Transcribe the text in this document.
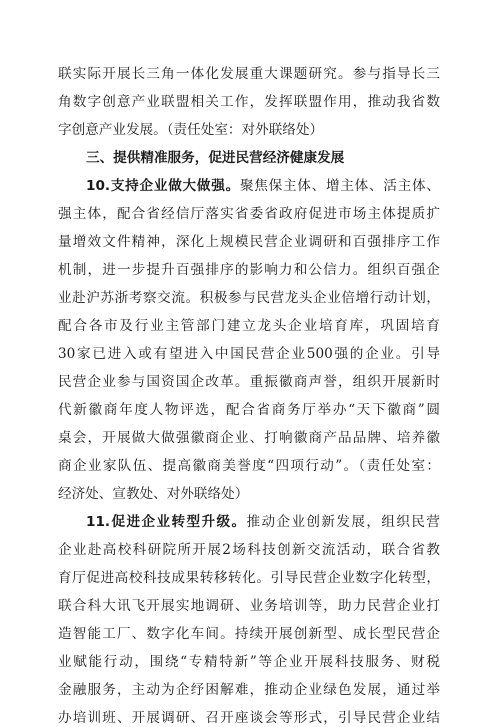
联实际开展长三角一体化发展重大课题研究。参与指导长三
角数字创意产业联盟相关工作，发挥联盟作用，推动我省数
字创意产业发展。（责任处室：对外联络处）
三、提供精准服务，促进民营经济健康发展
10.支持企业做大做强。聚焦保主体、增主体、活主体、
强主体，配合省经信厅落实省委省政府促进市场主体提质扩
量增效文件精神，深化上规模民营企业调研和百强排序工作
机制，进一步提升百强排序的影响力和公信力。组织百强企
业赴沪苏浙考察交流。积极参与民营龙头企业倍增行动计划，
配合各市及行业主管部门建立龙头企业培育库，巩固培育
30家已进入或有望进入中国民营企业500强的企业。引导
民营企业参与国资国企改革。重振徽商声誉，组织开展新时
代新徽商年度人物评选，配合省商务厅举办“天下徽商”圆
桌会，开展做大做强徽商企业、打响徽商产品品牌、培养徽
商企业家队伍、提高徽商美誉度“四项行动”。（责任处室：
经济处、宣教处、对外联络处）
11.促进企业转型升级。推动企业创新发展，组织民营
企业赴高校科研院所开展2场科技创新交流活动，联合省教
育厅促进高校科技成果转移转化。引导民营企业数字化转型，
联合科大讯飞开展实地调研、业务培训等，助力民营企业打
造智能工厂、数字化车间。持续开展创新型、成长型民营企
业赋能行动，围绕“专精特新”等企业开展科技服务、财税
金融服务，主动为企纾困解难，推动企业绿色发展，通过举
办培训班、开展调研、召开座谈会等形式，引导民营企业结
